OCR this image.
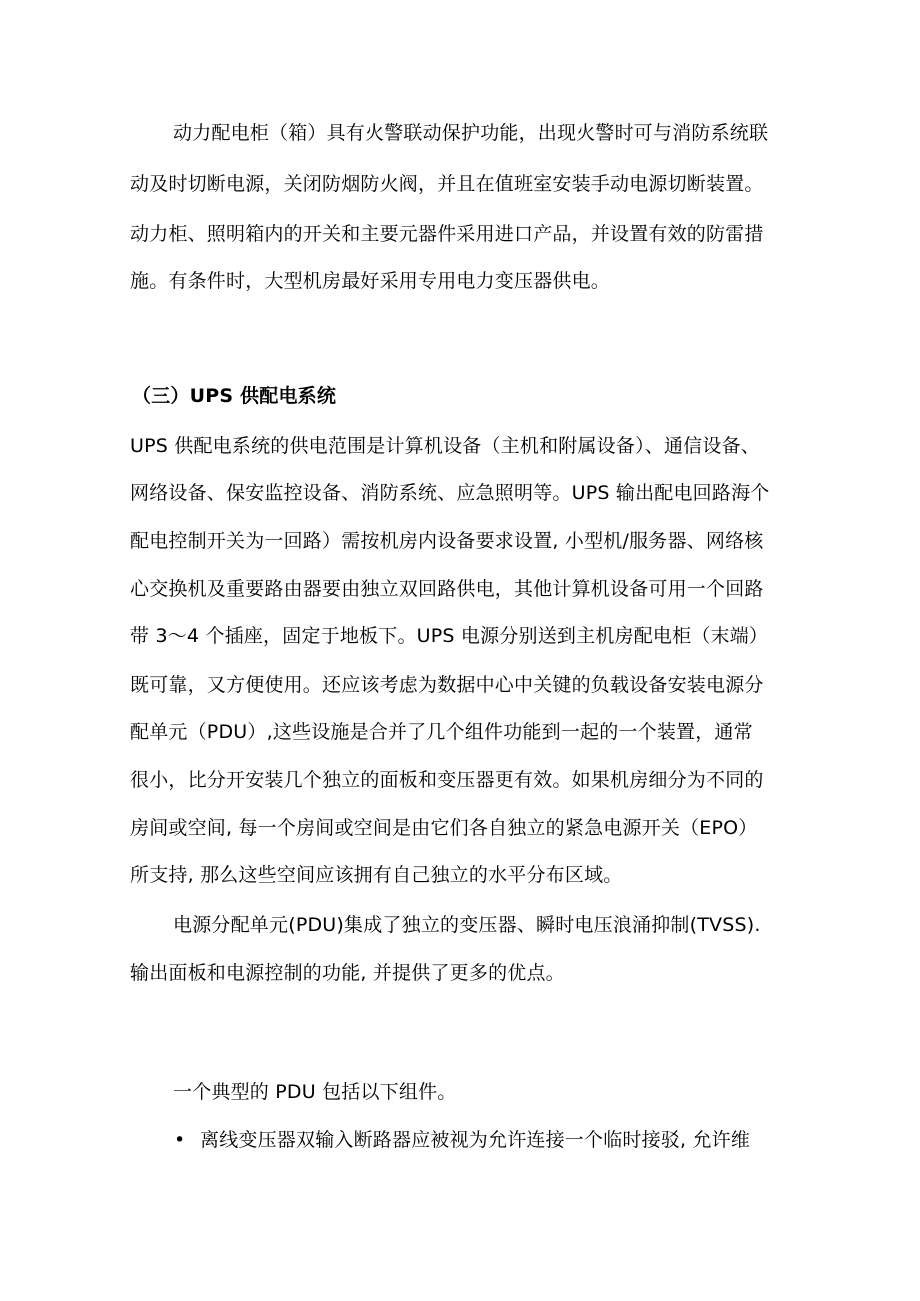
动力配电柜（箱）具有火警联动保护功能，出现火警时可与消防系统联
动及时切断电源，关闭防烟防火阀，并且在值班室安装手动电源切断装置。
动力柜、照明箱内的开关和主要元器件采用进口产品，并设置有效的防雷措
施。有条件时，大型机房最好采用专用电力变压器供电。
（三）UPS 供配电系统
UPS 供配电系统的供电范围是计算机设备（主机和附属设备）、通信设备、
网络设备、保安监控设备、消防系统、应急照明等。UPS 输出配电回路海个
配电控制开关为一回路）需按机房内设备要求设置, 小型机/服务器、网络核
心交换机及重要路由器要由独立双回路供电，其他计算机设备可用一个回路
带 3～4 个插座，固定于地板下。UPS 电源分别送到主机房配电柜（末端）
既可靠，又方便使用。还应该考虑为数据中心中关键的负载设备安装电源分
配单元（PDU）,这些设施是合并了几个组件功能到一起的一个装置，通常
很小，比分开安装几个独立的面板和变压器更有效。如果机房细分为不同的
房间或空间, 每一个房间或空间是由它们各自独立的紧急电源开关（EPO）
所支持, 那么这些空间应该拥有自己独立的水平分布区域。
电源分配单元(PDU)集成了独立的变压器、瞬时电压浪涌抑制(TVSS).
输出面板和电源控制的功能, 并提供了更多的优点。
一个典型的 PDU 包括以下组件。
• 离线变压器双输入断路器应被视为允许连接一个临时接驳, 允许维
